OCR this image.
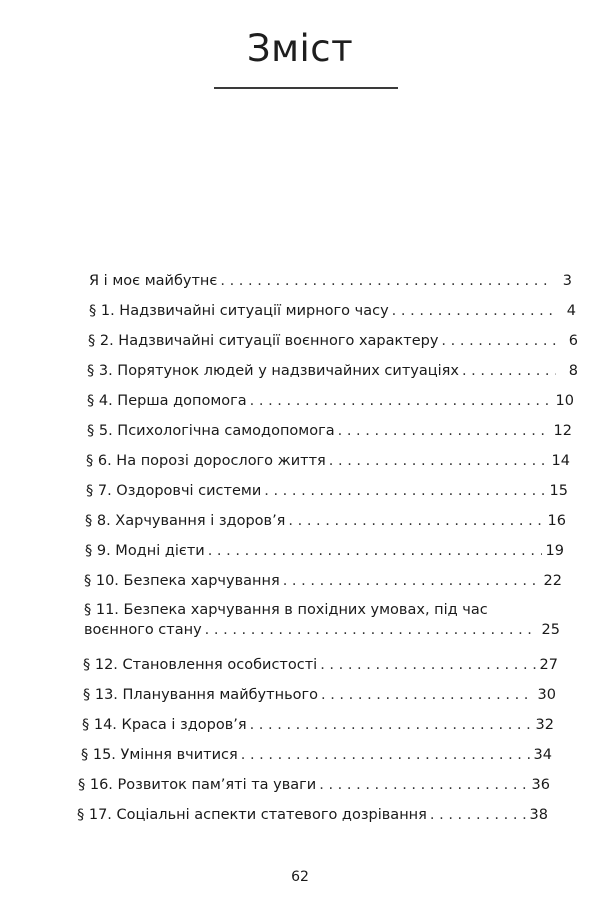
Зміст
Я і моє майбутнє . . .	3
§ 1. Надзвичайні ситуації мирного часу . . .	4
§ 2. Надзвичайні ситуації воєнного характеру . . .	6
§ 3. Порятунок людей у надзвичайних ситуаціях . . .	8
§ 4. Перша допомога . . .	10
§ 5. Психологічна самодопомога . . .	12
§ 6. На порозі дорослого життя . . .	14
§ 7. Оздоровчі системи . . .	15
§ 8. Харчування і здоров’я . . .	16
§ 9. Модні дієти . . .	19
§ 10. Безпека харчування . . .	22
§ 11. Безпека харчування в похідних умовах, під час
воєнного стану . . .	25
§ 12. Становлення особистості . . .	27
§ 13. Планування майбутнього . . .	30
§ 14. Краса і здоров’я . . .	32
§ 15. Уміння вчитися . . .	34
§ 16. Розвиток пам’яті та уваги . . .	36
§ 17. Соціальні аспекти статевого дозрівання . . .	38
62
